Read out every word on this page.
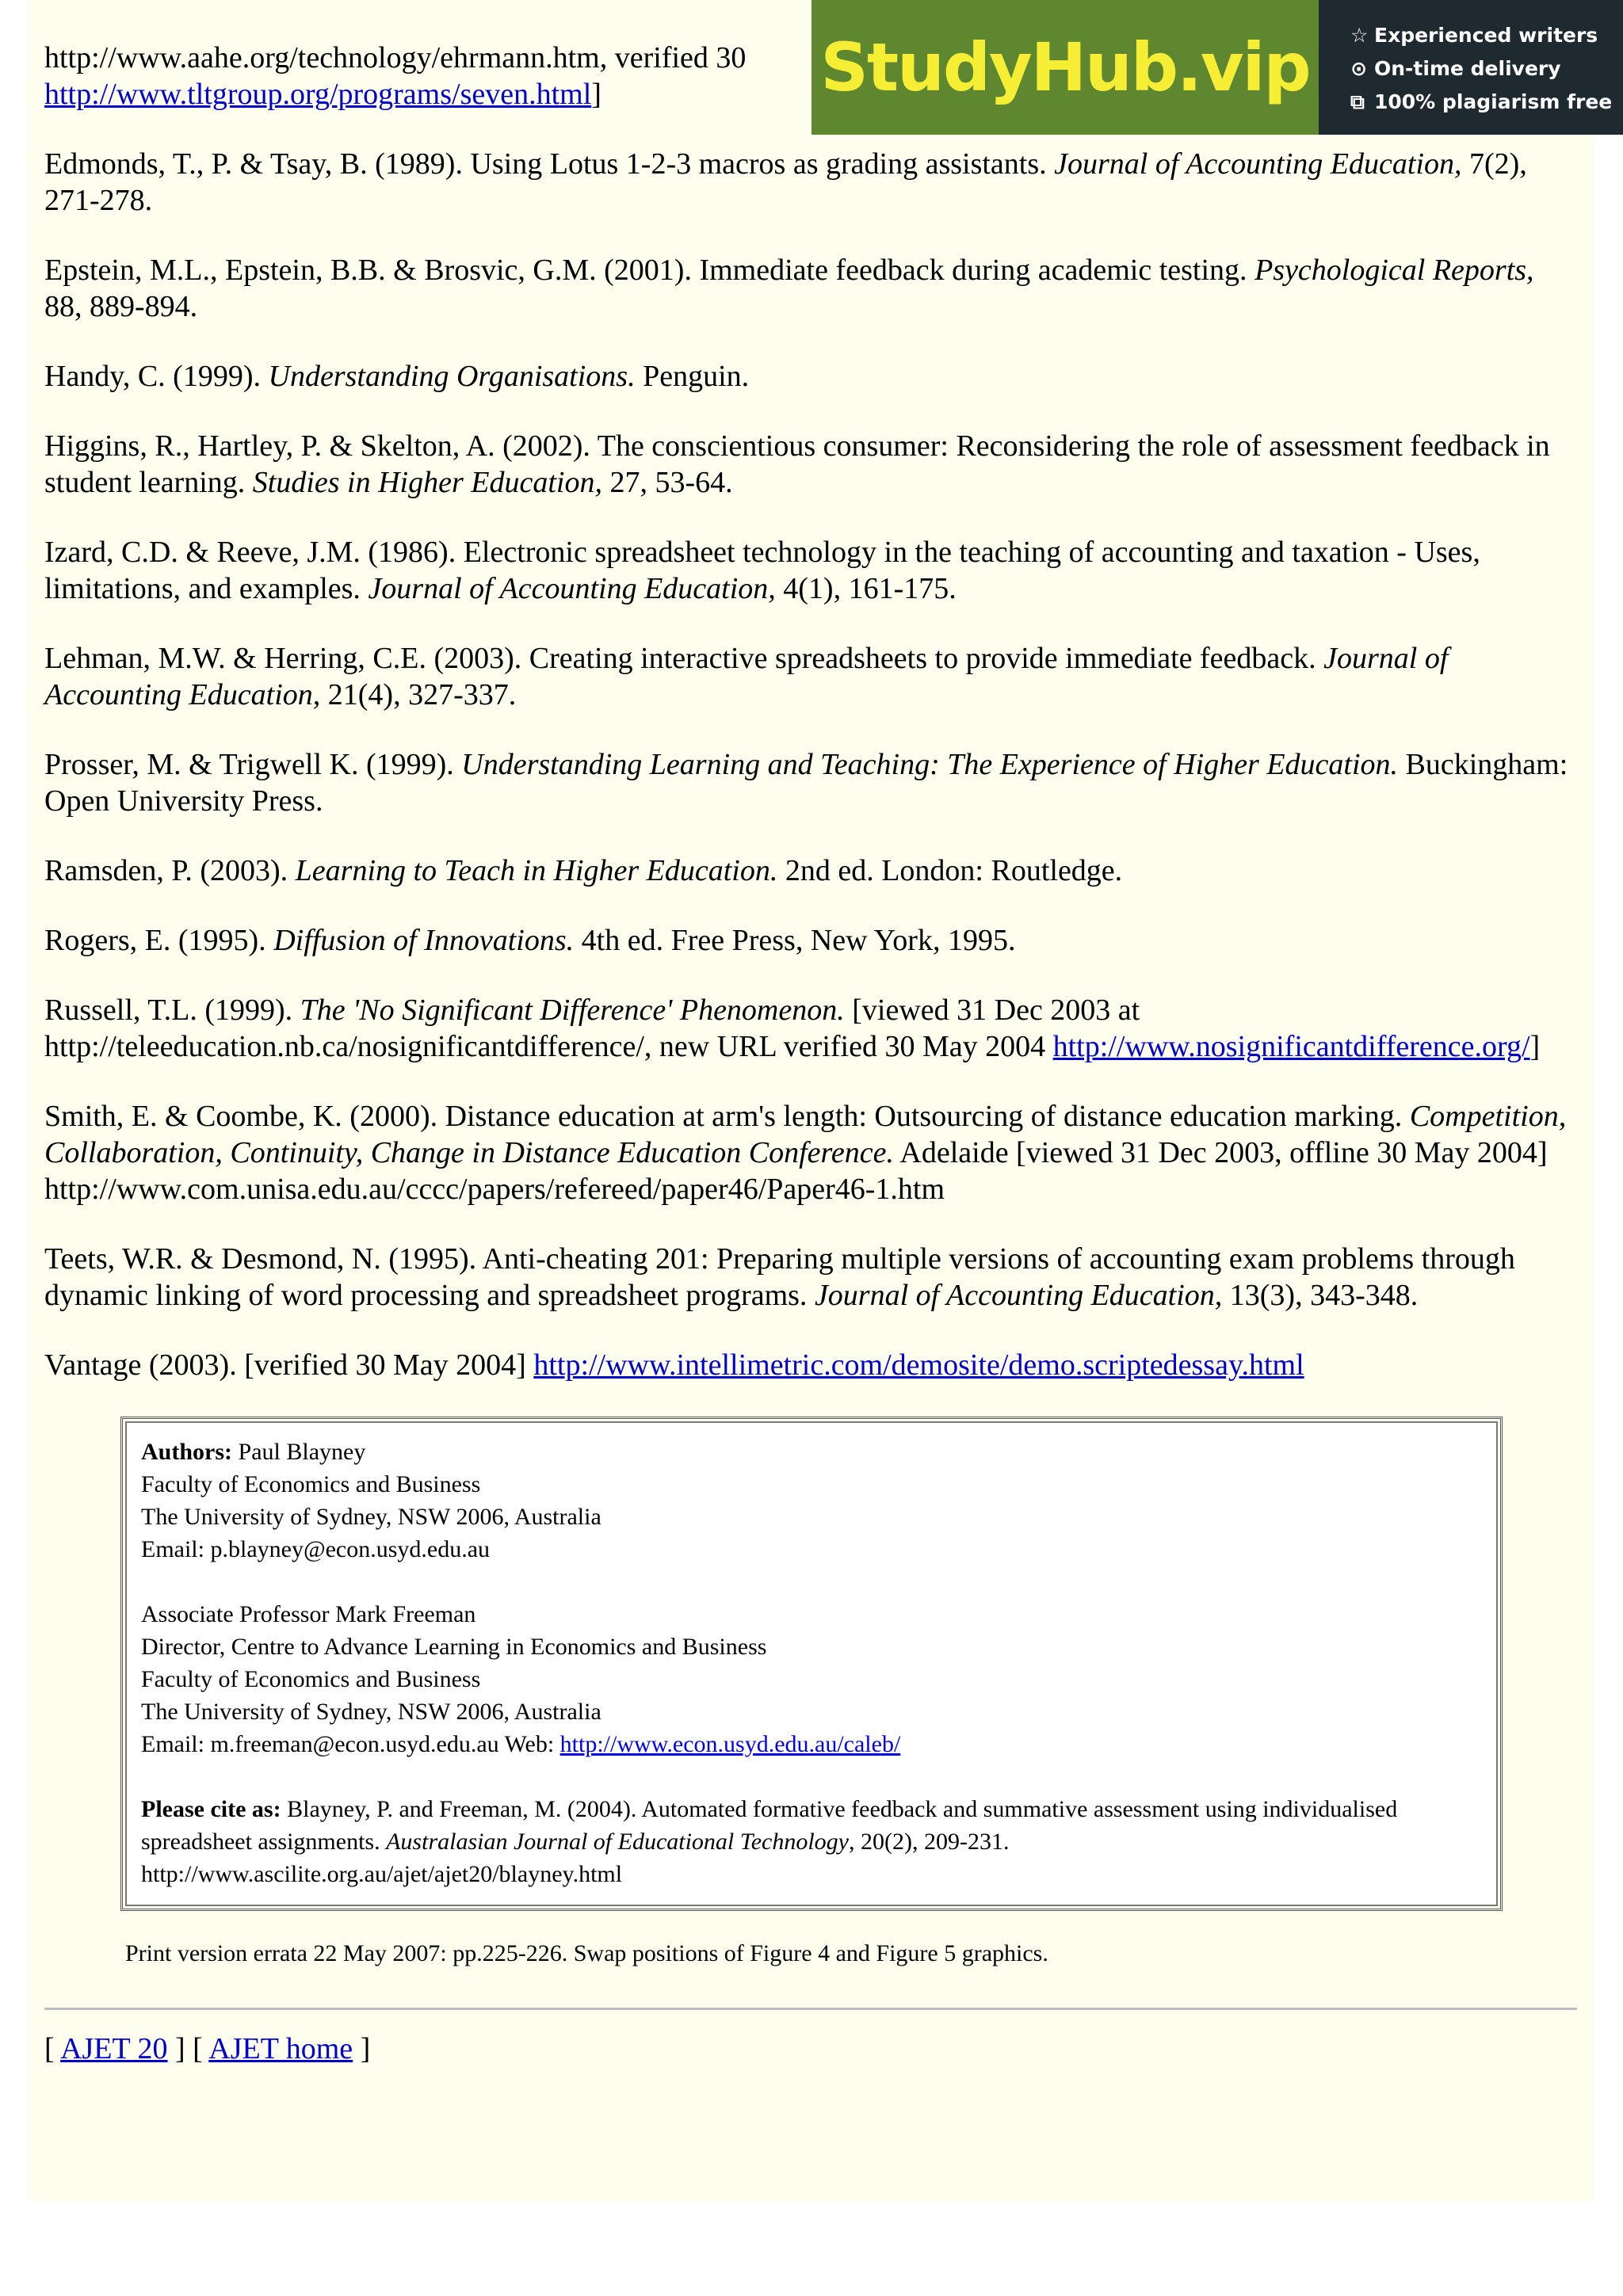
http://www.aahe.org/technology/ehrmann.htm, verified 30
http://www.tltgroup.org/programs/seven.html]
Edmonds, T., P. & Tsay, B. (1989). Using Lotus 1-2-3 macros as grading assistants. Journal of Accounting Education, 7(2), 271-278.
Epstein, M.L., Epstein, B.B. & Brosvic, G.M. (2001). Immediate feedback during academic testing. Psychological Reports, 88, 889-894.
Handy, C. (1999). Understanding Organisations. Penguin.
Higgins, R., Hartley, P. & Skelton, A. (2002). The conscientious consumer: Reconsidering the role of assessment feedback in student learning. Studies in Higher Education, 27, 53-64.
Izard, C.D. & Reeve, J.M. (1986). Electronic spreadsheet technology in the teaching of accounting and taxation - Uses, limitations, and examples. Journal of Accounting Education, 4(1), 161-175.
Lehman, M.W. & Herring, C.E. (2003). Creating interactive spreadsheets to provide immediate feedback. Journal of Accounting Education, 21(4), 327-337.
Prosser, M. & Trigwell K. (1999). Understanding Learning and Teaching: The Experience of Higher Education. Buckingham: Open University Press.
Ramsden, P. (2003). Learning to Teach in Higher Education. 2nd ed. London: Routledge.
Rogers, E. (1995). Diffusion of Innovations. 4th ed. Free Press, New York, 1995.
Russell, T.L. (1999). The 'No Significant Difference' Phenomenon. [viewed 31 Dec 2003 at http://teleeducation.nb.ca/nosignificantdifference/, new URL verified 30 May 2004 http://www.nosignificantdifference.org/]
Smith, E. & Coombe, K. (2000). Distance education at arm's length: Outsourcing of distance education marking. Competition, Collaboration, Continuity, Change in Distance Education Conference. Adelaide [viewed 31 Dec 2003, offline 30 May 2004] http://www.com.unisa.edu.au/cccc/papers/refereed/paper46/Paper46-1.htm
Teets, W.R. & Desmond, N. (1995). Anti-cheating 201: Preparing multiple versions of accounting exam problems through dynamic linking of word processing and spreadsheet programs. Journal of Accounting Education, 13(3), 343-348.
Vantage (2003). [verified 30 May 2004] http://www.intellimetric.com/demosite/demo.scriptedessay.html

Authors: Paul Blayney
Faculty of Economics and Business
The University of Sydney, NSW 2006, Australia
Email: p.blayney@econ.usyd.edu.au

Associate Professor Mark Freeman
Director, Centre to Advance Learning in Economics and Business
Faculty of Economics and Business
The University of Sydney, NSW 2006, Australia
Email: m.freeman@econ.usyd.edu.au Web: http://www.econ.usyd.edu.au/caleb/

Please cite as: Blayney, P. and Freeman, M. (2004). Automated formative feedback and summative assessment using individualised spreadsheet assignments. Australasian Journal of Educational Technology, 20(2), 209-231.
http://www.ascilite.org.au/ajet/ajet20/blayney.html

Print version errata 22 May 2007: pp.225-226. Swap positions of Figure 4 and Figure 5 graphics.
[ AJET 20 ] [ AJET home ]
StudyHub.vip ☆ Experienced writers
⊙ On-time delivery
⧉ 100% plagiarism free
